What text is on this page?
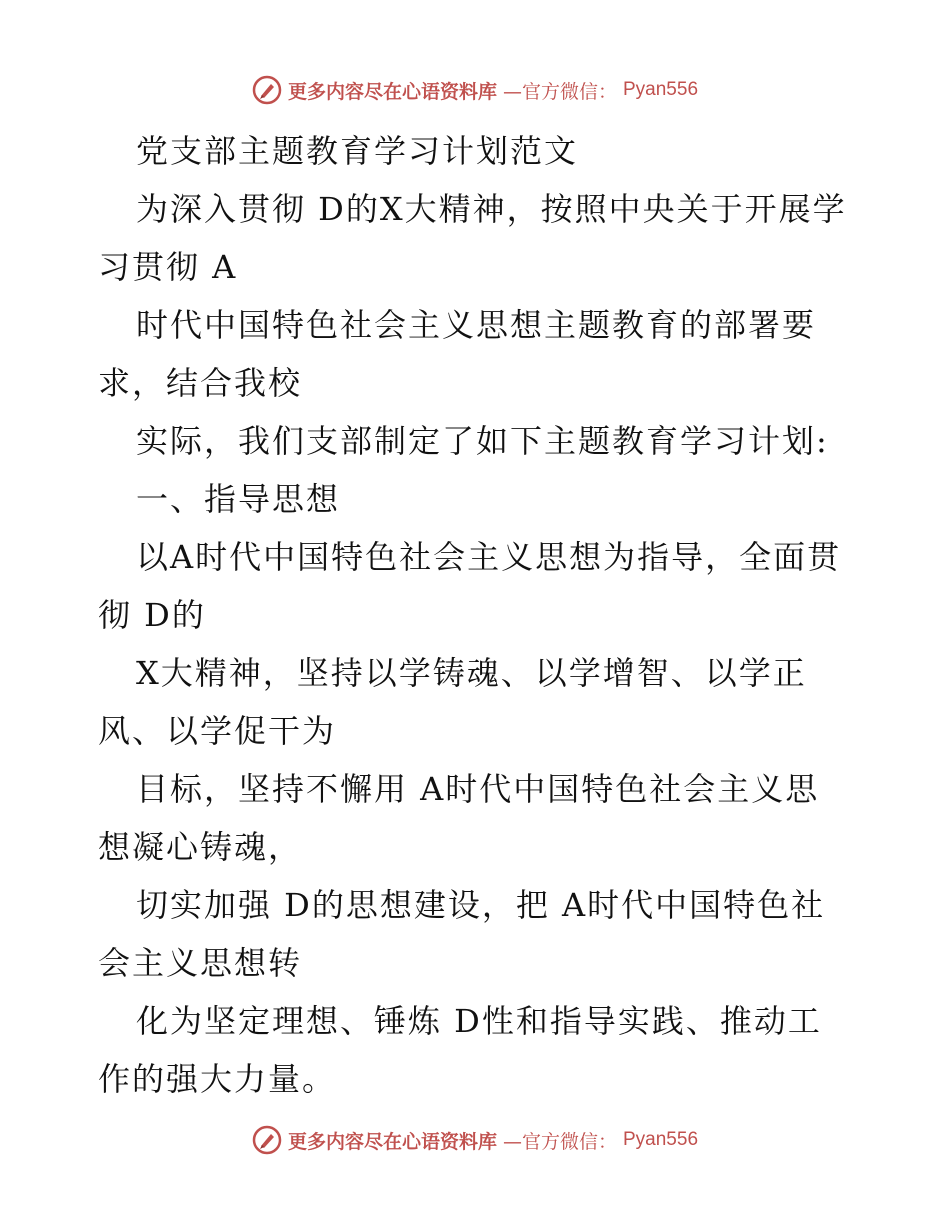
更多内容尽在心语资料库 —官方微信： Pyan556
党支部主题教育学习计划范文
为深入贯彻 D的X大精神，按照中央关于开展学
习贯彻 A
时代中国特色社会主义思想主题教育的部署要
求，结合我校
实际，我们支部制定了如下主题教育学习计划:
一、指导思想
以A时代中国特色社会主义思想为指导，全面贯
彻 D的
X大精神，坚持以学铸魂、以学增智、以学正
风、以学促干为
目标，坚持不懈用 A时代中国特色社会主义思
想凝心铸魂，
切实加强 D的思想建设，把 A时代中国特色社
会主义思想转
化为坚定理想、锤炼 D性和指导实践、推动工
作的强大力量。
更多内容尽在心语资料库 —官方微信： Pyan556
